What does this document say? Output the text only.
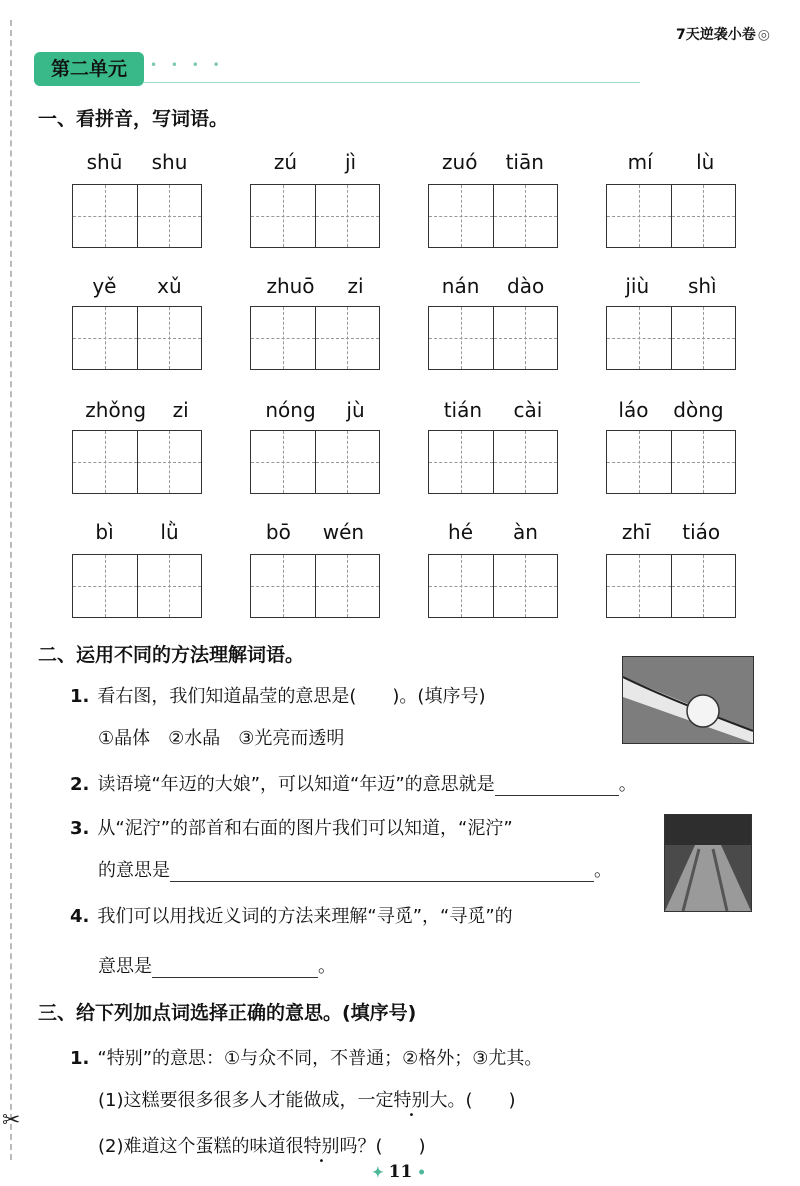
✂
7天逆袭小卷 ◎
第二单元	• • • •
一、看拼音，写词语。
shū shu	zú jì	zuó tiān	mí lù
yě xǔ	zhuō zi	nán dào	jiù shì
zhǒng zi	nóng jù	tián cài	láo dòng
bì lǜ	bō wén	hé àn	zhī tiáo
二、运用不同的方法理解词语。
1. 看右图，我们知道晶莹的意思是(　　)。(填序号)
①晶体　②水晶　③光亮而透明
2. 读语境“年迈的大娘”，可以知道“年迈”的意思就是	。
3. 从“泥泞”的部首和右面的图片我们可以知道，“泥泞”
的意思是	。
4. 我们可以用找近义词的方法来理解“寻觅”，“寻觅”的
意思是	。
三、给下列加点词选择正确的意思。(填序号)
1. “特别”的意思：①与众不同，不普通；②格外；③尤其。
(1)这糕要很多很多人才能做成，一定特别大。(　　)
(2)难道这个蛋糕的味道很特别吗？(　　)
✦ 11 •
